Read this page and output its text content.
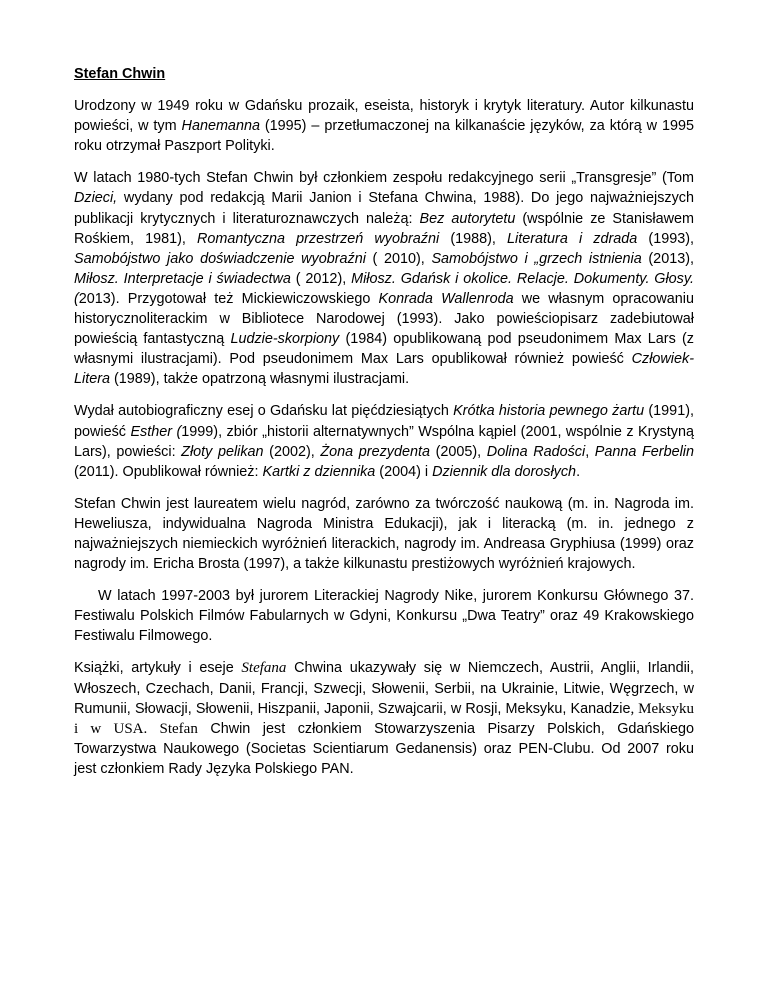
Stefan Chwin

Urodzony w 1949 roku w Gdańsku prozaik, eseista, historyk i krytyk literatury. Autor kilkunastu powieści, w tym Hanemanna (1995) – przetłumaczonej na kilkanaście języków, za którą w 1995 roku otrzymał Paszport Polityki.

W latach 1980-tych Stefan Chwin był członkiem zespołu redakcyjnego serii „Transgresje” (Tom Dzieci, wydany pod redakcją Marii Janion i Stefana Chwina, 1988). Do jego najważniejszych publikacji krytycznych i literaturoznawczych należą: Bez autorytetu (wspólnie ze Stanisławem Rośkiem, 1981), Romantyczna przestrzeń wyobraźni (1988), Literatura i zdrada (1993), Samobójstwo jako doświadczenie wyobraźni ( 2010), Samobójstwo i „grzech istnienia (2013), Miłosz. Interpretacje i świadectwa ( 2012), Miłosz. Gdańsk i okolice. Relacje. Dokumenty. Głosy.(2013). Przygotował też Mickiewiczowskiego Konrada Wallenroda we własnym opracowaniu historycznoliterackim w Bibliotece Narodowej (1993). Jako powieściopisarz zadebiutował powieścią fantastyczną Ludzie-skorpiony (1984) opublikowaną pod pseudonimem Max Lars (z własnymi ilustracjami). Pod pseudonimem Max Lars opublikował również powieść Człowiek-Litera (1989), także opatrzoną własnymi ilustracjami.

Wydał autobiograficzny esej o Gdańsku lat pięćdziesiątych Krótka historia pewnego żartu (1991), powieść Esther (1999), zbiór „historii alternatywnych” Wspólna kąpiel (2001, wspólnie z Krystyną Lars), powieści: Złoty pelikan (2002), Żona prezydenta (2005), Dolina Radości, Panna Ferbelin (2011). Opublikował również: Kartki z dziennika (2004) i Dziennik dla dorosłych.

Stefan Chwin jest laureatem wielu nagród, zarówno za twórczość naukową (m. in. Nagroda im. Heweliusza, indywidualna Nagroda Ministra Edukacji), jak i literacką (m. in. jednego z najważniejszych niemieckich wyróżnień literackich, nagrody im. Andreasa Gryphiusa (1999) oraz nagrody im. Ericha Brosta (1997), a także kilkunastu prestiżowych wyróżnień krajowych.

W latach 1997-2003 był jurorem Literackiej Nagrody Nike, jurorem Konkursu Głównego 37. Festiwalu Polskich Filmów Fabularnych w Gdyni, Konkursu „Dwa Teatry” oraz 49 Krakowskiego Festiwalu Filmowego.

Książki, artykuły i eseje Stefana Chwina ukazywały się w Niemczech, Austrii, Anglii, Irlandii, Włoszech, Czechach, Danii, Francji, Szwecji, Słowenii, Serbii, na Ukrainie, Litwie, Węgrzech, w Rumunii, Słowacji, Słowenii, Hiszpanii, Japonii, Szwajcarii, w Rosji, Meksyku, Kanadzie, Meksyku i w USA. Stefan Chwin jest członkiem Stowarzyszenia Pisarzy Polskich, Gdańskiego Towarzystwa Naukowego (Societas Scientiarum Gedanensis) oraz PEN-Clubu. Od 2007 roku jest członkiem Rady Języka Polskiego PAN.
